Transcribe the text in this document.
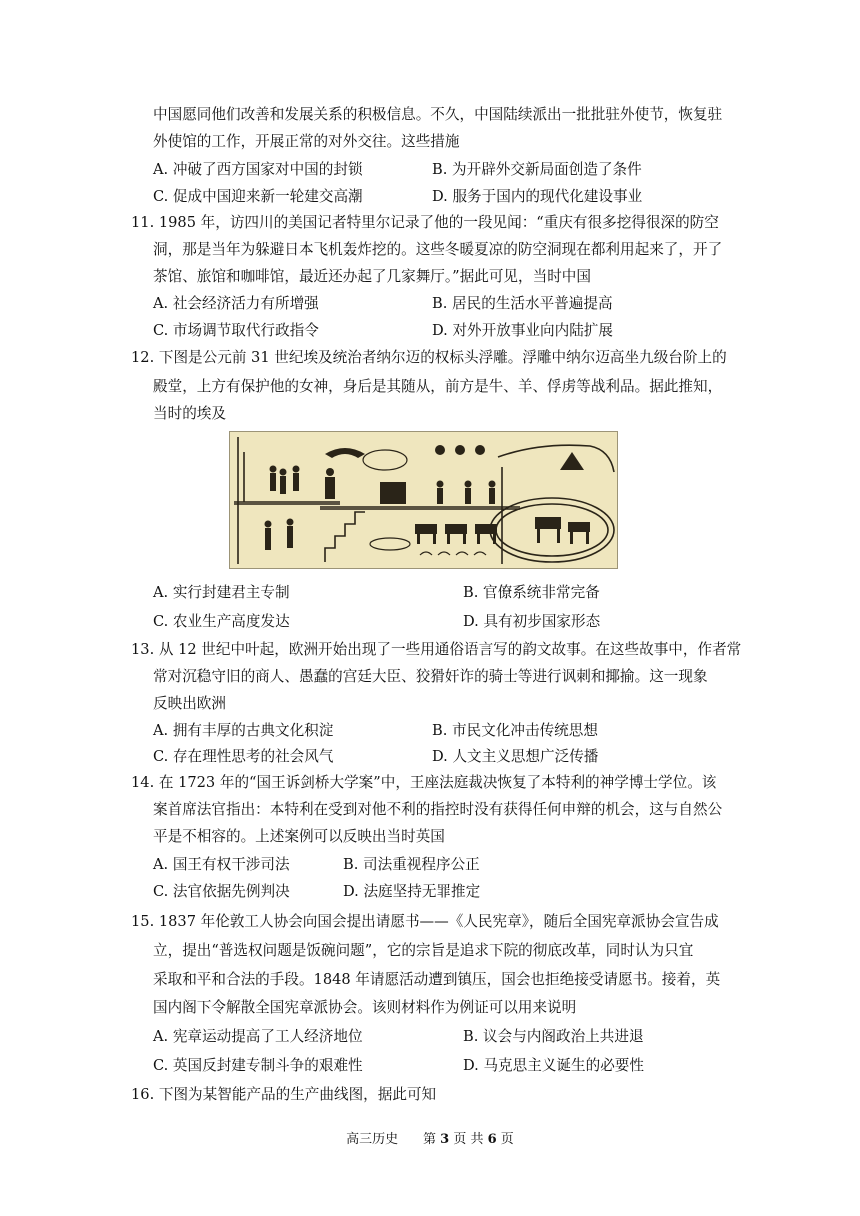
中国愿同他们改善和发展关系的积极信息。不久，中国陆续派出一批批驻外使节，恢复驻
外使馆的工作，开展正常的对外交往。这些措施
A. 冲破了西方国家对中国的封锁	B. 为开辟外交新局面创造了条件
C. 促成中国迎来新一轮建交高潮	D. 服务于国内的现代化建设事业
11. 1985 年，访四川的美国记者特里尔记录了他的一段见闻：“重庆有很多挖得很深的防空
洞，那是当年为躲避日本飞机轰炸挖的。这些冬暖夏凉的防空洞现在都利用起来了，开了
茶馆、旅馆和咖啡馆，最近还办起了几家舞厅。”据此可见，当时中国
A. 社会经济活力有所增强	B. 居民的生活水平普遍提高
C. 市场调节取代行政指令	D. 对外开放事业向内陆扩展
12. 下图是公元前 31 世纪埃及统治者纳尔迈的权标头浮雕。浮雕中纳尔迈高坐九级台阶上的
殿堂，上方有保护他的女神，身后是其随从，前方是牛、羊、俘虏等战利品。据此推知，
当时的埃及
A. 实行封建君主专制	B. 官僚系统非常完备
C. 农业生产高度发达	D. 具有初步国家形态
13. 从 12 世纪中叶起，欧洲开始出现了一些用通俗语言写的韵文故事。在这些故事中，作者常
常对沉稳守旧的商人、愚蠢的宫廷大臣、狡猾奸诈的骑士等进行讽刺和揶揄。这一现象
反映出欧洲
A. 拥有丰厚的古典文化积淀	B. 市民文化冲击传统思想
C. 存在理性思考的社会风气	D. 人文主义思想广泛传播
14. 在 1723 年的“国王诉剑桥大学案”中，王座法庭裁决恢复了本特利的神学博士学位。该
案首席法官指出：本特利在受到对他不利的指控时没有获得任何申辩的机会，这与自然公
平是不相容的。上述案例可以反映出当时英国
A. 国王有权干涉司法	B. 司法重视程序公正
C. 法官依据先例判决	D. 法庭坚持无罪推定
15. 1837 年伦敦工人协会向国会提出请愿书——《人民宪章》，随后全国宪章派协会宣告成
立，提出“普选权问题是饭碗问题”，它的宗旨是追求下院的彻底改革，同时认为只宜
采取和平和合法的手段。1848 年请愿活动遭到镇压，国会也拒绝接受请愿书。接着，英
国内阁下令解散全国宪章派协会。该则材料作为例证可以用来说明
A. 宪章运动提高了工人经济地位	B. 议会与内阁政治上共进退
C. 英国反封建专制斗争的艰难性	D. 马克思主义诞生的必要性
16. 下图为某智能产品的生产曲线图，据此可知
高三历史 第 3 页 共 6 页
